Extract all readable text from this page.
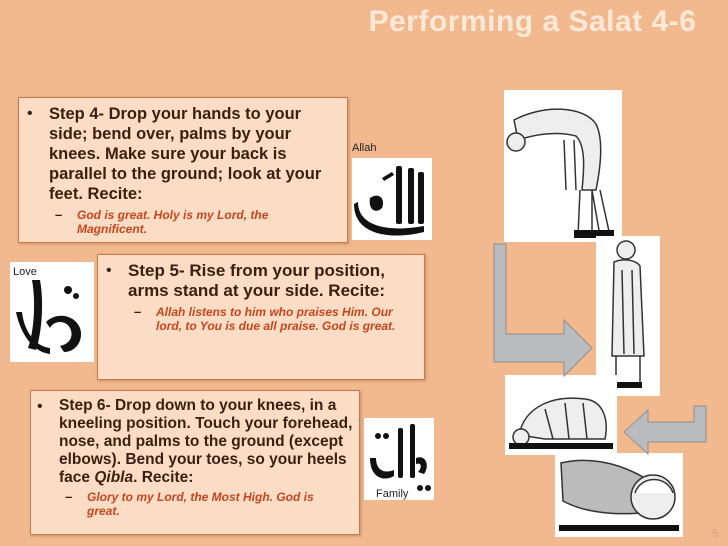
Performing a Salat 4-6
• Step 4- Drop your hands to your side; bend over, palms by your knees. Make sure your back is parallel to the ground; look at your feet. Recite:
–	God is great. Holy is my Lord, the Magnificent.
Allah
Love	• Step 5- Rise from your position, arms stand at your side. Recite:
–	Allah listens to him who praises Him. Our lord, to You is due all praise. God is great.
•	Step 6- Drop down to your knees, in a kneeling position. Touch your forehead, nose, and palms to the ground (except elbows). Bend your toes, so your heels face Qibla. Recite:
–	Glory to my Lord, the Most High. God is great.
Family
5
